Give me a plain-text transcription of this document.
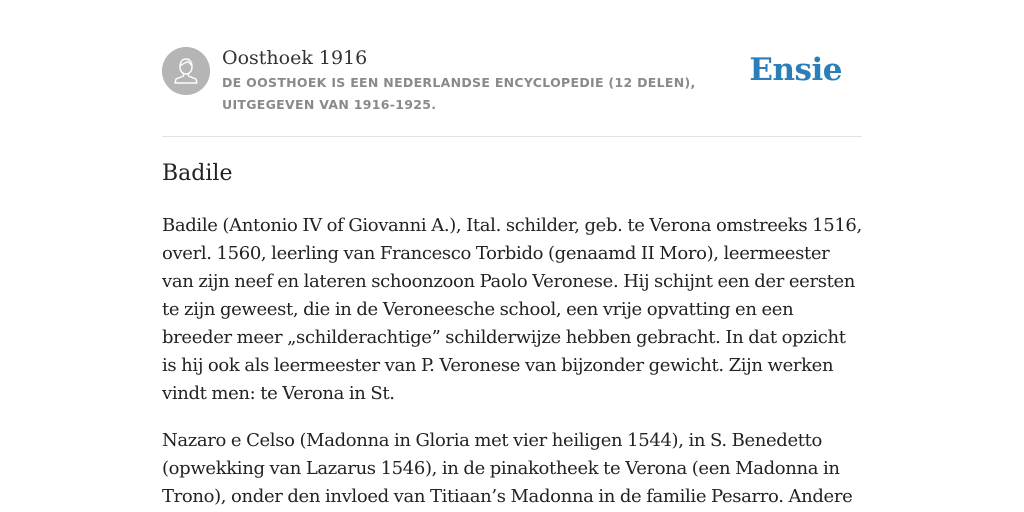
Oosthoek 1916
DE OOSTHOEK IS EEN NEDERLANDSE ENCYCLOPEDIE (12 DELEN), UITGEGEVEN VAN 1916-1925.
Ensie
Badile

Badile (Antonio IV of Giovanni A.), Ital. schilder, geb. te Verona omstreeks 1516, overl. 1560, leerling van Francesco Torbido (genaamd II Moro), leermeester van zijn neef en lateren schoonzoon Paolo Veronese. Hij schijnt een der eersten te zijn geweest, die in de Veroneesche school, een vrije opvatting en een breeder meer „schilderachtige” schilderwijze hebben gebracht. In dat opzicht is hij ook als leermeester van P. Veronese van bijzonder gewicht. Zijn werken vindt men: te Verona in St.

Nazaro e Celso (Madonna in Gloria met vier heiligen 1544), in S. Benedetto (opwekking van Lazarus 1546), in de pinakotheek te Verona (een Madonna in Trono), onder den invloed van Titiaan’s Madonna in de familie Pesarro. Andere
